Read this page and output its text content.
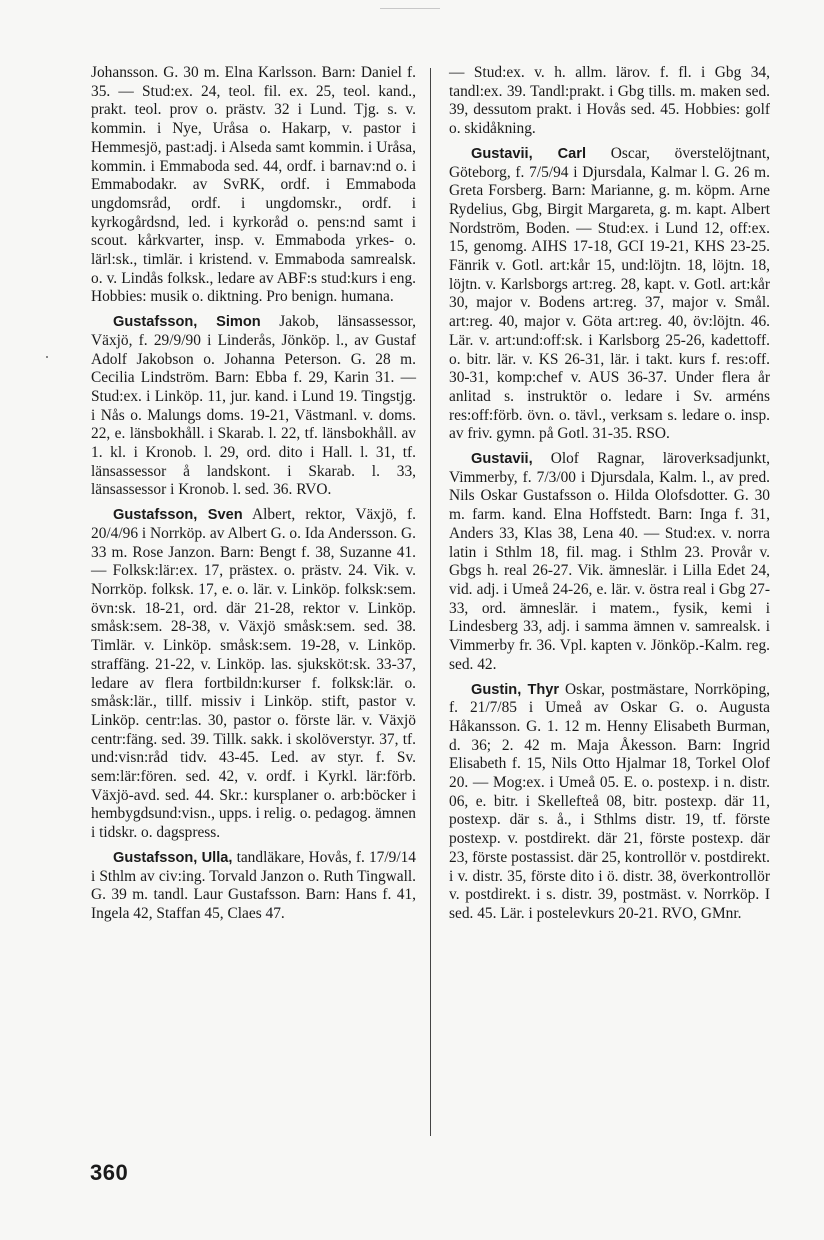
Johansson. G. 30 m. Elna Karlsson. Barn: Daniel f. 35. — Stud:ex. 24, teol. fil. ex. 25, teol. kand., prakt. teol. prov o. prästv. 32 i Lund. Tjg. s. v. kommin. i Nye, Uråsa o. Hakarp, v. pastor i Hemmesjö, past:adj. i Alseda samt kommin. i Uråsa, kommin. i Emmaboda sed. 44, ordf. i barnav:nd o. i Emmabodakr. av SvRK, ordf. i Emmaboda ungdomsråd, ordf. i ungdomskr., ordf. i kyrkogårdsnd, led. i kyrkoråd o. pens:nd samt i scout. kårkvarter, insp. v. Emmaboda yrkes- o. lärl:sk., timlär. i kristend. v. Emmaboda samrealsk. o. v. Lindås folksk., ledare av ABF:s stud:kurs i eng. Hobbies: musik o. diktning. Pro benign. humana.

Gustafsson, Simon Jakob, länsassessor, Växjö, f. 29/9/90 i Linderås, Jönköp. l., av Gustaf Adolf Jakobson o. Johanna Peterson. G. 28 m. Cecilia Lindström. Barn: Ebba f. 29, Karin 31. — Stud:ex. i Linköp. 11, jur. kand. i Lund 19. Tingstjg. i Nås o. Malungs doms. 19-21, Västmanl. v. doms. 22, e. länsbokhåll. i Skarab. l. 22, tf. länsbokhåll. av 1. kl. i Kronob. l. 29, ord. dito i Hall. l. 31, tf. länsassessor å landskont. i Skarab. l. 33, länsassessor i Kronob. l. sed. 36. RVO.

Gustafsson, Sven Albert, rektor, Växjö, f. 20/4/96 i Norrköp. av Albert G. o. Ida Andersson. G. 33 m. Rose Janzon. Barn: Bengt f. 38, Suzanne 41. — Folksk:lär:ex. 17, prästex. o. prästv. 24. Vik. v. Norrköp. folksk. 17, e. o. lär. v. Linköp. folksk:sem. övn:sk. 18-21, ord. där 21-28, rektor v. Linköp. småsk:sem. 28-38, v. Växjö småsk:sem. sed. 38. Timlär. v. Linköp. småsk:sem. 19-28, v. Linköp. straffäng. 21-22, v. Linköp. las. sjuksköt:sk. 33-37, ledare av flera fortbildn:kurser f. folksk:lär. o. småsk:lär., tillf. missiv i Linköp. stift, pastor v. Linköp. centr:las. 30, pastor o. förste lär. v. Växjö centr:fäng. sed. 39. Tillk. sakk. i skolöverstyr. 37, tf. und:visn:råd tidv. 43-45. Led. av styr. f. Sv. sem:lär:fören. sed. 42, v. ordf. i Kyrkl. lär:förb. Växjö-avd. sed. 44. Skr.: kursplaner o. arb:böcker i hembygdsund:visn., upps. i relig. o. pedagog. ämnen i tidskr. o. dagspress.

Gustafsson, Ulla, tandläkare, Hovås, f. 17/9/14 i Sthlm av civ:ing. Torvald Janzon o. Ruth Tingwall. G. 39 m. tandl. Laur Gustafsson. Barn: Hans f. 41, Ingela 42, Staffan 45, Claes 47.

— Stud:ex. v. h. allm. lärov. f. fl. i Gbg 34, tandl:ex. 39. Tandl:prakt. i Gbg tills. m. maken sed. 39, dessutom prakt. i Hovås sed. 45. Hobbies: golf o. skidåkning.

Gustavii, Carl Oscar, överstelöjtnant, Göteborg, f. 7/5/94 i Djursdala, Kalmar l. G. 26 m. Greta Forsberg. Barn: Marianne, g. m. köpm. Arne Rydelius, Gbg, Birgit Margareta, g. m. kapt. Albert Nordström, Boden. — Stud:ex. i Lund 12, off:ex. 15, genomg. AIHS 17-18, GCI 19-21, KHS 23-25. Fänrik v. Gotl. art:kår 15, und:löjtn. 18, löjtn. 18, löjtn. v. Karlsborgs art:reg. 28, kapt. v. Gotl. art:kår 30, major v. Bodens art:reg. 37, major v. Smål. art:reg. 40, major v. Göta art:reg. 40, öv:löjtn. 46. Lär. v. art:und:off:sk. i Karlsborg 25-26, kadettoff. o. bitr. lär. v. KS 26-31, lär. i takt. kurs f. res:off. 30-31, komp:chef v. AUS 36-37. Under flera år anlitad s. instruktör o. ledare i Sv. arméns res:off:förb. övn. o. tävl., verksam s. ledare o. insp. av friv. gymn. på Gotl. 31-35. RSO.

Gustavii, Olof Ragnar, läroverksadjunkt, Vimmerby, f. 7/3/00 i Djursdala, Kalm. l., av pred. Nils Oskar Gustafsson o. Hilda Olofsdotter. G. 30 m. farm. kand. Elna Hoffstedt. Barn: Inga f. 31, Anders 33, Klas 38, Lena 40. — Stud:ex. v. norra latin i Sthlm 18, fil. mag. i Sthlm 23. Provår v. Gbgs h. real 26-27. Vik. ämneslär. i Lilla Edet 24, vid. adj. i Umeå 24-26, e. lär. v. östra real i Gbg 27-33, ord. ämneslär. i matem., fysik, kemi i Lindesberg 33, adj. i samma ämnen v. samrealsk. i Vimmerby fr. 36. Vpl. kapten v. Jönköp.-Kalm. reg. sed. 42.

Gustin, Thyr Oskar, postmästare, Norrköping, f. 21/7/85 i Umeå av Oskar G. o. Augusta Håkansson. G. 1. 12 m. Henny Elisabeth Burman, d. 36; 2. 42 m. Maja Åkesson. Barn: Ingrid Elisabeth f. 15, Nils Otto Hjalmar 18, Torkel Olof 20. — Mog:ex. i Umeå 05. E. o. postexp. i n. distr. 06, e. bitr. i Skellefteå 08, bitr. postexp. där 11, postexp. där s. å., i Sthlms distr. 19, tf. förste postexp. v. postdirekt. där 21, förste postexp. där 23, förste postassist. där 25, kontrollör v. postdirekt. i v. distr. 35, förste dito i ö. distr. 38, överkontrollör v. postdirekt. i s. distr. 39, postmäst. v. Norrköp. I sed. 45. Lär. i postelevkurs 20-21. RVO, GMnr.

360
